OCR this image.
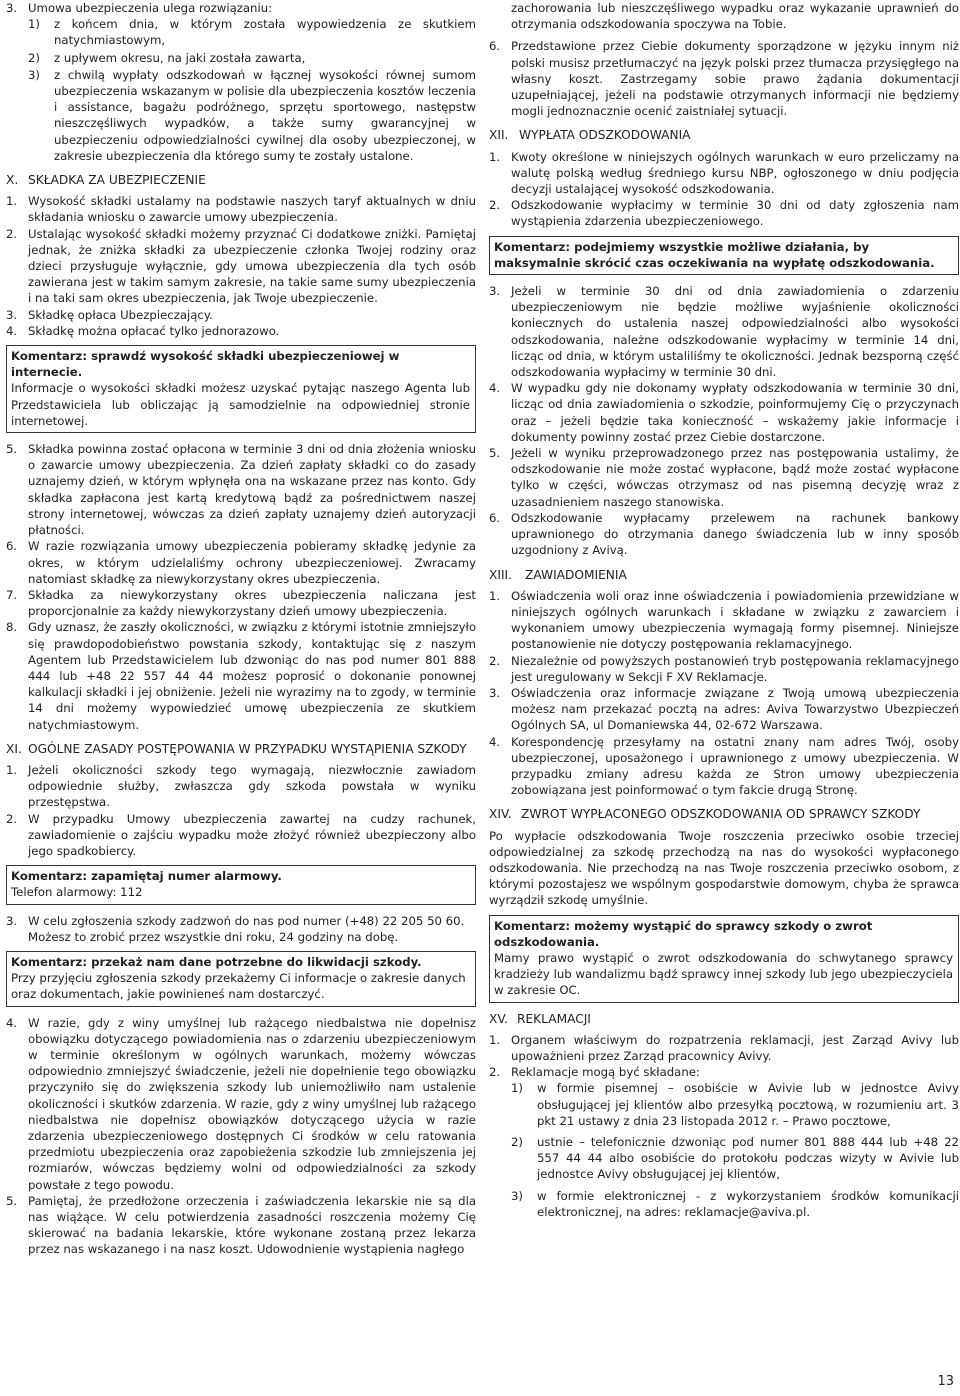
3. Umowa ubezpieczenia ulega rozwiązaniu:
1)	z końcem dnia, w którym została wypowiedzenia ze skutkiem natychmiastowym,
2)	z upływem okresu, na jaki została zawarta,
3)	z chwilą wypłaty odszkodowań w łącznej wysokości równej sumom ubezpieczenia wskazanym w polisie dla ubezpieczenia kosztów leczenia i assistance, bagażu podróżnego, sprzętu sportowego, następstw nieszczęśliwych wypadków, a także sumy gwarancyjnej w ubezpieczeniu odpowiedzialności cywilnej dla osoby ubezpieczonej, w zakresie ubezpieczenia dla którego sumy te zostały ustalone.
X. SKŁADKA ZA UBEZPIECZENIE
1. Wysokość składki ustalamy na podstawie naszych taryf aktualnych w dniu składania wniosku o zawarcie umowy ubezpieczenia.
2. Ustalając wysokość składki możemy przyznać Ci dodatkowe zniżki. Pamiętaj jednak, że zniżka składki za ubezpieczenie członka Twojej rodziny oraz dzieci przysługuje wyłącznie, gdy umowa ubezpieczenia dla tych osób zawierana jest w takim samym zakresie, na takie same sumy ubezpieczenia i na taki sam okres ubezpieczenia, jak Twoje ubezpieczenie.
3. Składkę opłaca Ubezpieczający.
4. Składkę można opłacać tylko jednorazowo.
Komentarz: sprawdź wysokość składki ubezpieczeniowej w internecie.
Informacje o wysokości składki możesz uzyskać pytając naszego Agenta lub Przedstawiciela lub obliczając ją samodzielnie na odpowiedniej stronie internetowej.
5. Składka powinna zostać opłacona w terminie 3 dni od dnia złożenia wniosku o zawarcie umowy ubezpieczenia. Za dzień zapłaty składki co do zasady uznajemy dzień, w którym wpłynęła ona na wskazane przez nas konto. Gdy składka zapłacona jest kartą kredytową bądź za pośrednictwem naszej strony internetowej, wówczas za dzień zapłaty uznajemy dzień autoryzacji płatności.
6. W razie rozwiązania umowy ubezpieczenia pobieramy składkę jedynie za okres, w którym udzielaliśmy ochrony ubezpieczeniowej. Zwracamy natomiast składkę za niewykorzystany okres ubezpieczenia.
7. Składka za niewykorzystany okres ubezpieczenia naliczana jest proporcjonalnie za każdy niewykorzystany dzień umowy ubezpieczenia.
8. Gdy uznasz, że zaszły okoliczności, w związku z którymi istotnie zmniejszyło się prawdopodobieństwo powstania szkody, kontaktując się z naszym Agentem lub Przedstawicielem lub dzwoniąc do nas pod numer 801 888 444 lub +48 22 557 44 44 możesz poprosić o dokonanie ponownej kalkulacji składki i jej obniżenie. Jeżeli nie wyrazimy na to zgody, w terminie 14 dni możemy wypowiedzieć umowę ubezpieczenia ze skutkiem natychmiastowym.
XI. OGÓLNE ZASADY POSTĘPOWANIA W PRZYPADKU WYSTĄPIENIA SZKODY
1. Jeżeli okoliczności szkody tego wymagają, niezwłocznie zawiadom odpowiednie służby, zwłaszcza gdy szkoda powstała w wyniku przestępstwa.
2. W przypadku Umowy ubezpieczenia zawartej na cudzy rachunek, zawiadomienie o zajściu wypadku może złożyć również ubezpieczony albo jego spadkobiercy.
Komentarz: zapamiętaj numer alarmowy.
Telefon alarmowy: 112
3. W celu zgłoszenia szkody zadzwoń do nas pod numer (+48) 22 205 50 60. Możesz to zrobić przez wszystkie dni roku, 24 godziny na dobę.
Komentarz: przekaż nam dane potrzebne do likwidacji szkody.
Przy przyjęciu zgłoszenia szkody przekażemy Ci informacje o zakresie danych oraz dokumentach, jakie powinieneś nam dostarczyć.
4. W razie, gdy z winy umyślnej lub rażącego niedbalstwa nie dopełnisz obowiązku dotyczącego powiadomienia nas o zdarzeniu ubezpieczeniowym w terminie określonym w ogólnych warunkach, możemy wówczas odpowiednio zmniejszyć świadczenie, jeżeli nie dopełnienie tego obowiązku przyczyniło się do zwiększenia szkody lub uniemożliwiło nam ustalenie okoliczności i skutków zdarzenia. W razie, gdy z winy umyślnej lub rażącego niedbalstwa nie dopełnisz obowiązków dotyczącego użycia w razie zdarzenia ubezpieczeniowego dostępnych Ci środków w celu ratowania przedmiotu ubezpieczenia oraz zapobieżenia szkodzie lub zmniejszenia jej rozmiarów, wówczas będziemy wolni od odpowiedzialności za szkody powstałe z tego powodu.
5. Pamiętaj, że przedłożone orzeczenia i zaświadczenia lekarskie nie są dla nas wiążące. W celu potwierdzenia zasadności roszczenia możemy Cię skierować na badania lekarskie, które wykonane zostaną przez lekarza przez nas wskazanego i na nasz koszt. Udowodnienie wystąpienia nagłego

zachorowania lub nieszczęśliwego wypadku oraz wykazanie uprawnień do otrzymania odszkodowania spoczywa na Tobie.

6. Przedstawione przez Ciebie dokumenty sporządzone w języku innym niż polski musisz przetłumaczyć na język polski przez tłumacza przysięgłego na własny koszt. Zastrzegamy sobie prawo żądania dokumentacji uzupełniającej, jeżeli na podstawie otrzymanych informacji nie będziemy mogli jednoznacznie ocenić zaistniałej sytuacji.
XII. WYPŁATA ODSZKODOWANIA
1. Kwoty określone w niniejszych ogólnych warunkach w euro przeliczamy na walutę polską według średniego kursu NBP, ogłoszonego w dniu podjęcia decyzji ustalającej wysokość odszkodowania.
2. Odszkodowanie wypłacimy w terminie 30 dni od daty zgłoszenia nam wystąpienia zdarzenia ubezpieczeniowego.
Komentarz: podejmiemy wszystkie możliwe działania, by maksymalnie skrócić czas oczekiwania na wypłatę odszkodowania.
3. Jeżeli w terminie 30 dni od dnia zawiadomienia o zdarzeniu ubezpieczeniowym nie będzie możliwe wyjaśnienie okoliczności koniecznych do ustalenia naszej odpowiedzialności albo wysokości odszkodowania, należne odszkodowanie wypłacimy w terminie 14 dni, licząc od dnia, w którym ustaliliśmy te okoliczności. Jednak bezsporną część odszkodowania wypłacimy w terminie 30 dni.
4. W wypadku gdy nie dokonamy wypłaty odszkodowania w terminie 30 dni, licząc od dnia zawiadomienia o szkodzie, poinformujemy Cię o przyczynach oraz – jeżeli będzie taka konieczność – wskażemy jakie informacje i dokumenty powinny zostać przez Ciebie dostarczone.
5. Jeżeli w wyniku przeprowadzonego przez nas postępowania ustalimy, że odszkodowanie nie może zostać wypłacone, bądź może zostać wypłacone tylko w części, wówczas otrzymasz od nas pisemną decyzję wraz z uzasadnieniem naszego stanowiska.
6. Odszkodowanie wypłacamy przelewem na rachunek bankowy uprawnionego do otrzymania danego świadczenia lub w inny sposób uzgodniony z Avivą.
XIII.	ZAWIADOMIENIA
1. Oświadczenia woli oraz inne oświadczenia i powiadomienia przewidziane w niniejszych ogólnych warunkach i składane w związku z zawarciem i wykonaniem umowy ubezpieczenia wymagają formy pisemnej. Niniejsze postanowienie nie dotyczy postępowania reklamacyjnego.
2. Niezależnie od powyższych postanowień tryb postępowania reklamacyjnego jest uregulowany w Sekcji F XV Reklamacje.
3. Oświadczenia oraz informacje związane z Twoją umową ubezpieczenia możesz nam przekazać pocztą na adres: Aviva Towarzystwo Ubezpieczeń Ogólnych SA, ul Domaniewska 44, 02-672 Warszawa.
4. Korespondencję przesyłamy na ostatni znany nam adres Twój, osoby ubezpieczonej, uposażonego i uprawnionego z umowy ubezpieczenia. W przypadku zmiany adresu każda ze Stron umowy ubezpieczenia zobowiązana jest poinformować o tym fakcie drugą Stronę.
XIV. ZWROT WYPŁACONEGO ODSZKODOWANIA OD SPRAWCY SZKODY

Po wypłacie odszkodowania Twoje roszczenia przeciwko osobie trzeciej odpowiedzialnej za szkodę przechodzą na nas do wysokości wypłaconego odszkodowania. Nie przechodzą na nas Twoje roszczenia przeciwko osobom, z którymi pozostajesz we wspólnym gospodarstwie domowym, chyba że sprawca wyrządził szkodę umyślnie.

Komentarz: możemy wystąpić do sprawcy szkody o zwrot odszkodowania.
Mamy prawo wystąpić o zwrot odszkodowania do schwytanego sprawcy kradzieży lub wandalizmu bądź sprawcy innej szkody lub jego ubezpieczyciela w zakresie OC.
XV. REKLAMACJI
1. Organem właściwym do rozpatrzenia reklamacji, jest Zarząd Avivy lub upoważnieni przez Zarząd pracownicy Avivy.
2. Reklamacje mogą być składane:
1)	w formie pisemnej – osobiście w Avivie lub w jednostce Avivy obsługującej jej klientów albo przesyłką pocztową, w rozumieniu art. 3 pkt 21 ustawy z dnia 23 listopada 2012 r. – Prawo pocztowe,
2)	ustnie – telefonicznie dzwoniąc pod numer 801 888 444 lub +48 22 557 44 44 albo osobiście do protokołu podczas wizyty w Avivie lub jednostce Avivy obsługującej jej klientów,
3)	w formie elektronicznej - z wykorzystaniem środków komunikacji elektronicznej, na adres: reklamacje@aviva.pl.
13
